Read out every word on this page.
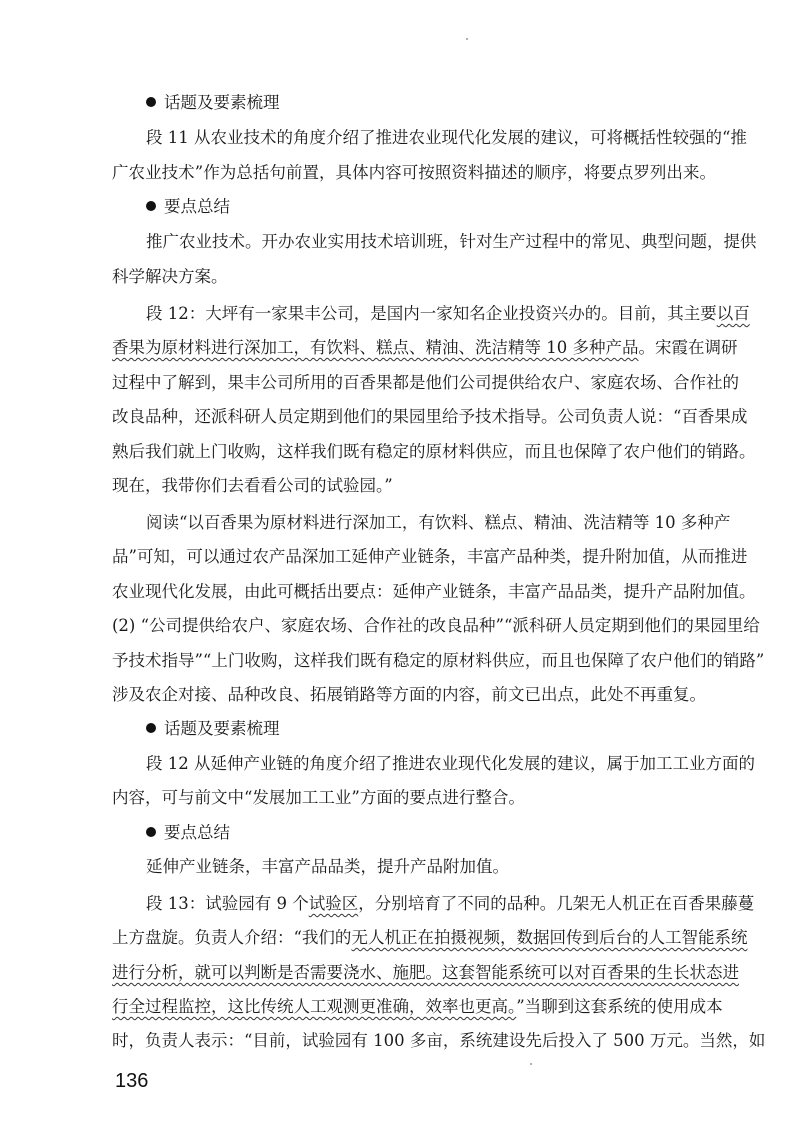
话题及要素梳理
段 11 从农业技术的角度介绍了推进农业现代化发展的建议，可将概括性较强的“推
广农业技术”作为总括句前置，具体内容可按照资料描述的顺序，将要点罗列出来。
要点总结
推广农业技术。开办农业实用技术培训班，针对生产过程中的常见、典型问题，提供
科学解决方案。
段 12：大坪有一家果丰公司，是国内一家知名企业投资兴办的。目前，其主要以百
香果为原材料进行深加工，有饮料、糕点、精油、洗洁精等 10 多种产品。宋霞在调研
过程中了解到，果丰公司所用的百香果都是他们公司提供给农户、家庭农场、合作社的
改良品种，还派科研人员定期到他们的果园里给予技术指导。公司负责人说：“百香果成
熟后我们就上门收购，这样我们既有稳定的原材料供应，而且也保障了农户他们的销路。
现在，我带你们去看看公司的试验园。”
阅读“以百香果为原材料进行深加工，有饮料、糕点、精油、洗洁精等 10 多种产
品”可知，可以通过农产品深加工延伸产业链条，丰富产品种类，提升附加值，从而推进
农业现代化发展，由此可概括出要点：延伸产业链条，丰富产品品类，提升产品附加值。
(2) “公司提供给农户、家庭农场、合作社的改良品种”“派科研人员定期到他们的果园里给
予技术指导”“上门收购，这样我们既有稳定的原材料供应，而且也保障了农户他们的销路”
涉及农企对接、品种改良、拓展销路等方面的内容，前文已出点，此处不再重复。
话题及要素梳理
段 12 从延伸产业链的角度介绍了推进农业现代化发展的建议，属于加工工业方面的
内容，可与前文中“发展加工工业”方面的要点进行整合。
要点总结
延伸产业链条，丰富产品品类，提升产品附加值。
段 13：试验园有 9 个试验区，分别培育了不同的品种。几架无人机正在百香果藤蔓
上方盘旋。负责人介绍：“我们的无人机正在拍摄视频，数据回传到后台的人工智能系统
进行分析，就可以判断是否需要浇水、施肥。这套智能系统可以对百香果的生长状态进
行全过程监控，这比传统人工观测更准确，效率也更高。”当聊到这套系统的使用成本
时，负责人表示：“目前，试验园有 100 多亩，系统建设先后投入了 500 万元。当然，如
136
